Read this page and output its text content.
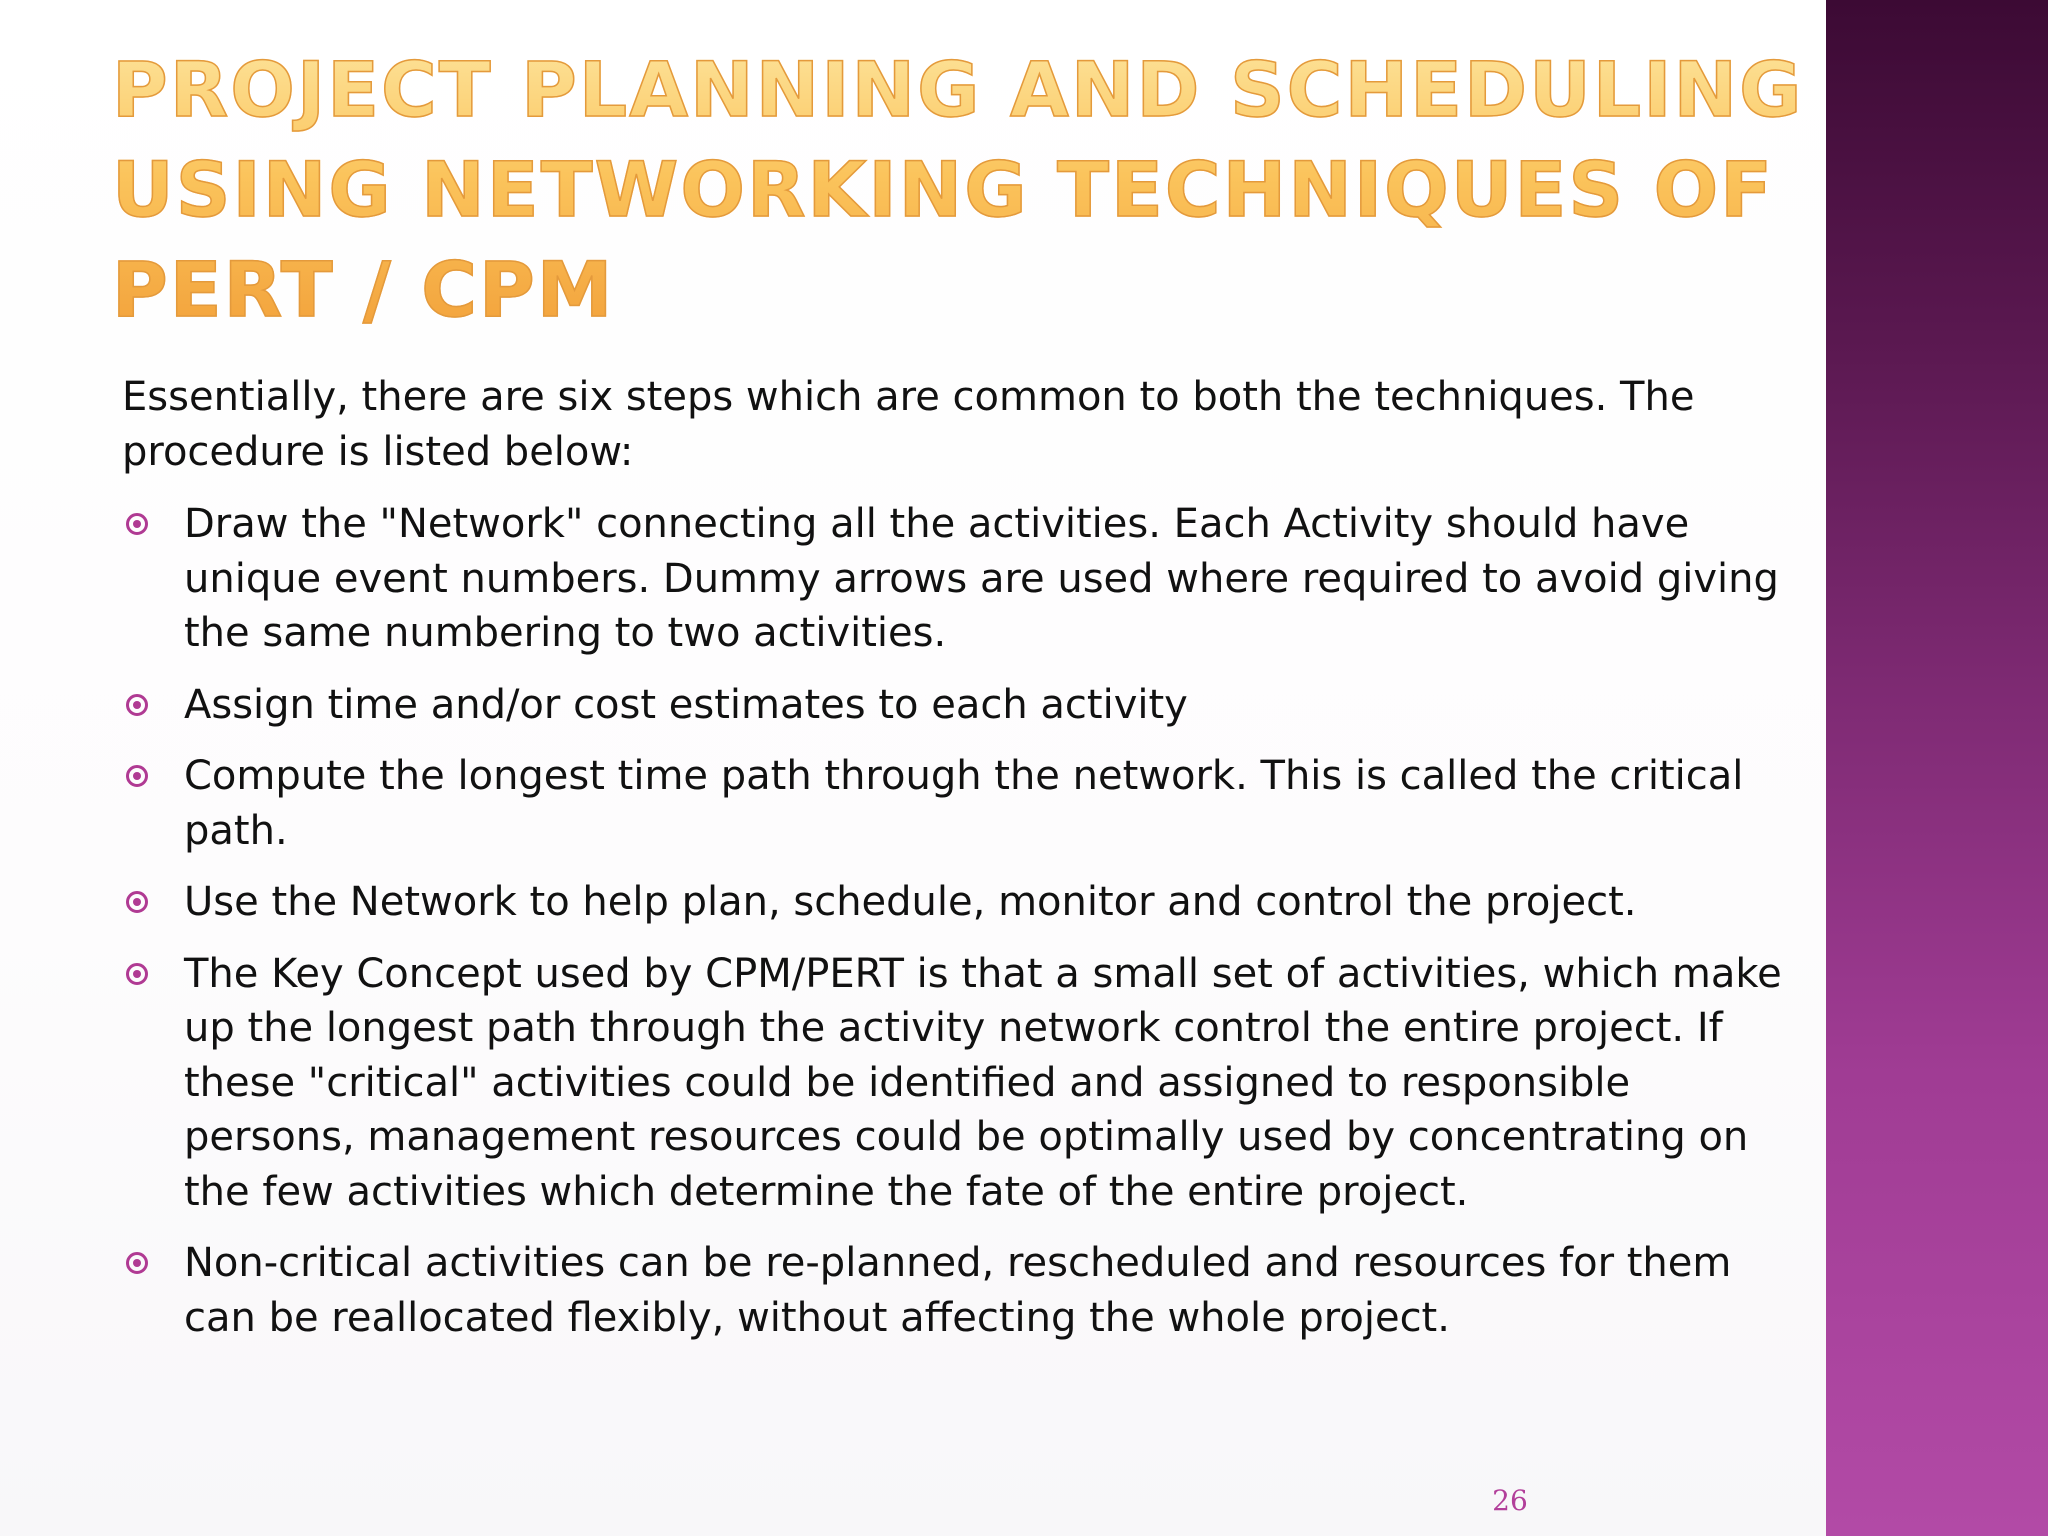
PROJECT PLANNING AND SCHEDULING USING NETWORKING TECHNIQUES OF PERT / CPM

Essentially, there are six steps which are common to both the techniques. The procedure is listed below:

Draw the "Network" connecting all the activities. Each Activity should have unique event numbers. Dummy arrows are used where required to avoid giving the same numbering to two activities.
Assign time and/or cost estimates to each activity
Compute the longest time path through the network. This is called the critical path.
Use the Network to help plan, schedule, monitor and control the project.
The Key Concept used by CPM/PERT is that a small set of activities, which make up the longest path through the activity network control the entire project. If these "critical" activities could be identified and assigned to responsible persons, management resources could be optimally used by concentrating on the few activities which determine the fate of the entire project.
Non-critical activities can be re-planned, rescheduled and resources for them can be reallocated flexibly, without affecting the whole project.
26
